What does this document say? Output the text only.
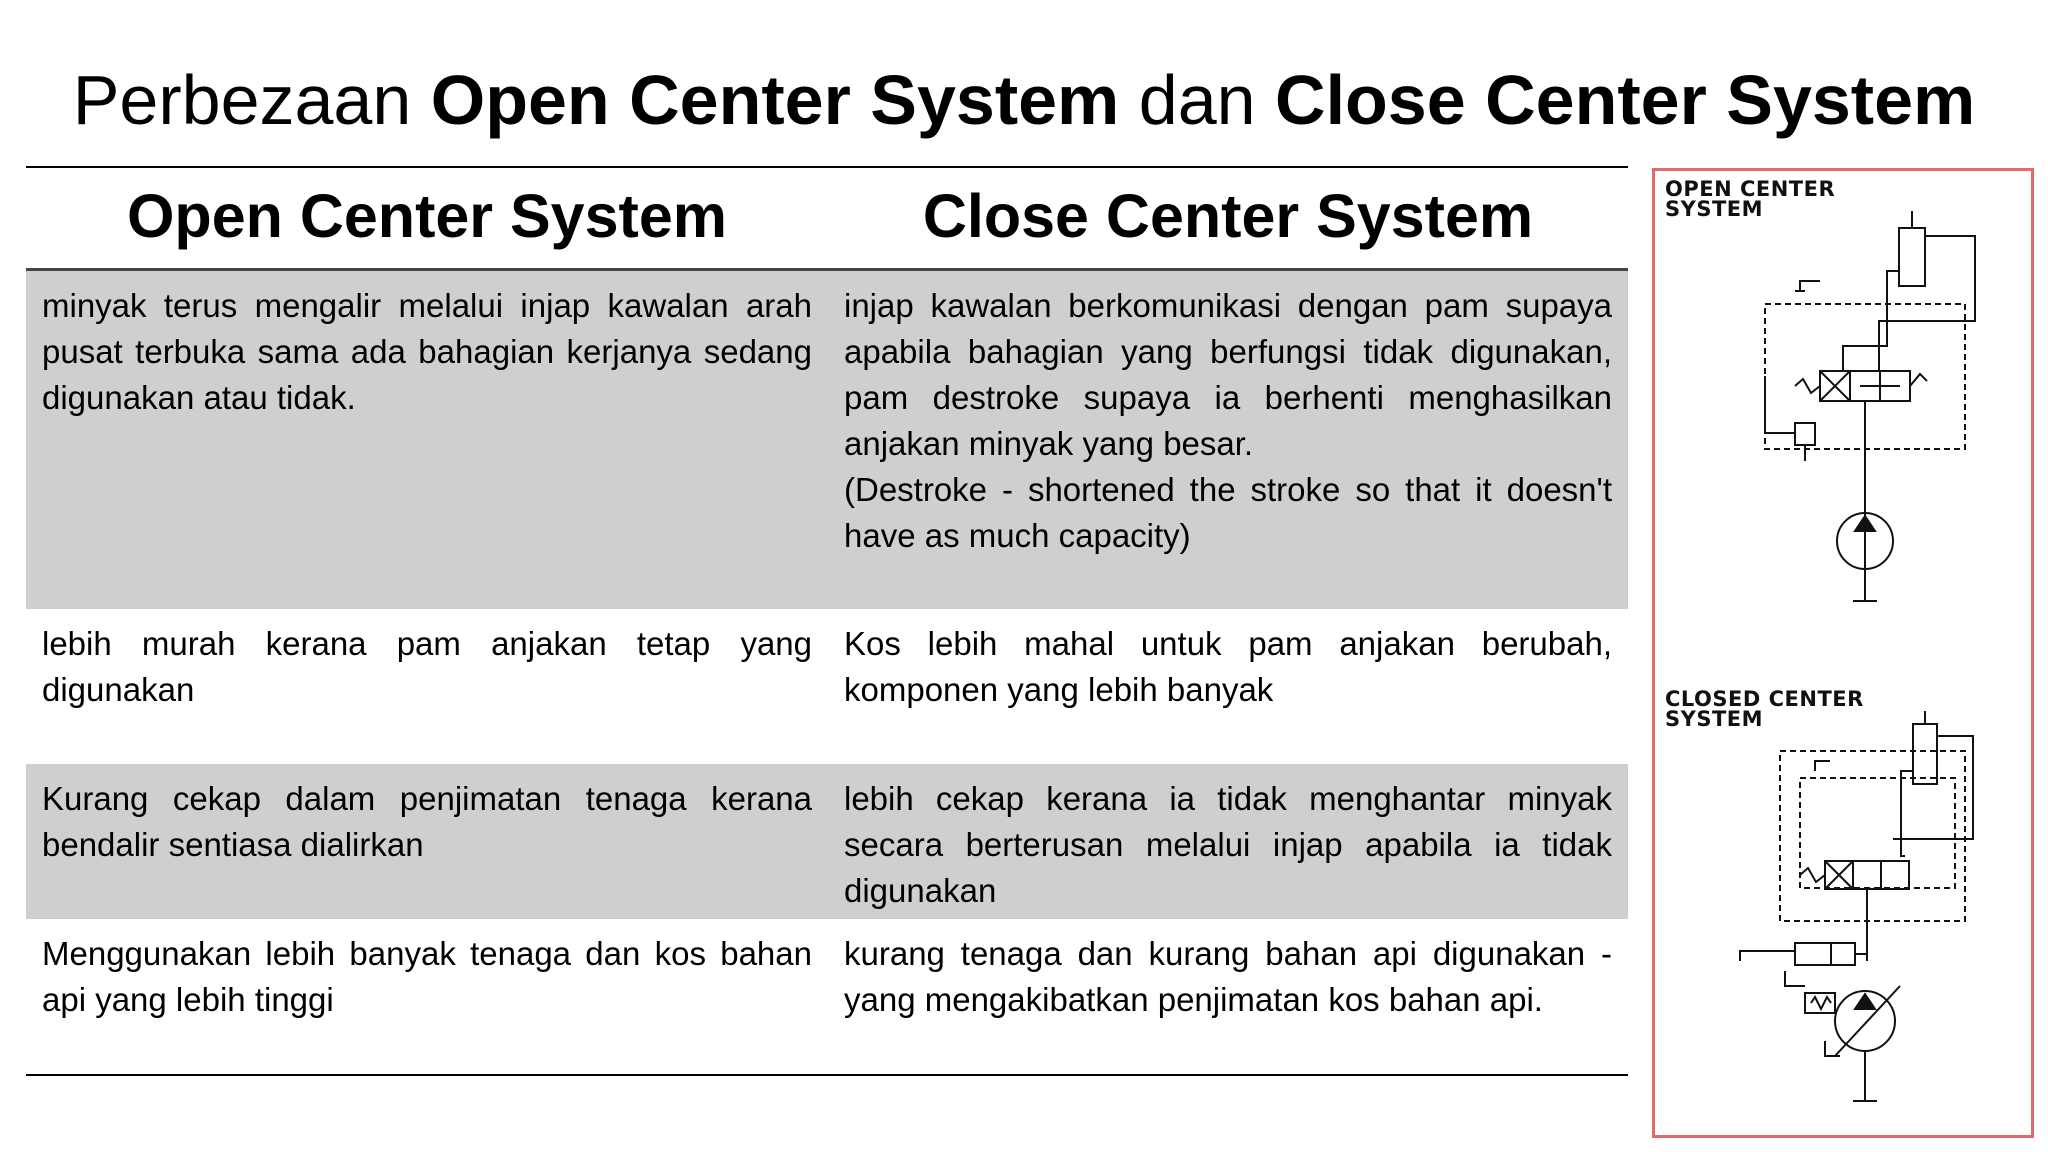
Perbezaan Open Center System dan Close Center System
Open Center System	Close Center System
minyak terus mengalir melalui injap kawalan arah pusat terbuka sama ada bahagian kerjanya sedang digunakan atau tidak.
injap kawalan berkomunikasi dengan pam supaya apabila bahagian yang berfungsi tidak digunakan, pam destroke supaya ia berhenti menghasilkan anjakan minyak yang besar.
(Destroke - shortened the stroke so that it doesn't have as much capacity)
lebih murah kerana pam anjakan tetap yang digunakan
Kos lebih mahal untuk pam anjakan berubah, komponen yang lebih banyak
Kurang cekap dalam penjimatan tenaga kerana bendalir sentiasa dialirkan
lebih cekap kerana ia tidak menghantar minyak secara berterusan melalui injap apabila ia tidak digunakan
Menggunakan lebih banyak tenaga dan kos bahan api yang lebih tinggi
kurang tenaga dan kurang bahan api digunakan - yang mengakibatkan penjimatan kos bahan api.
OPEN CENTER
SYSTEM
CLOSED CENTER
SYSTEM
